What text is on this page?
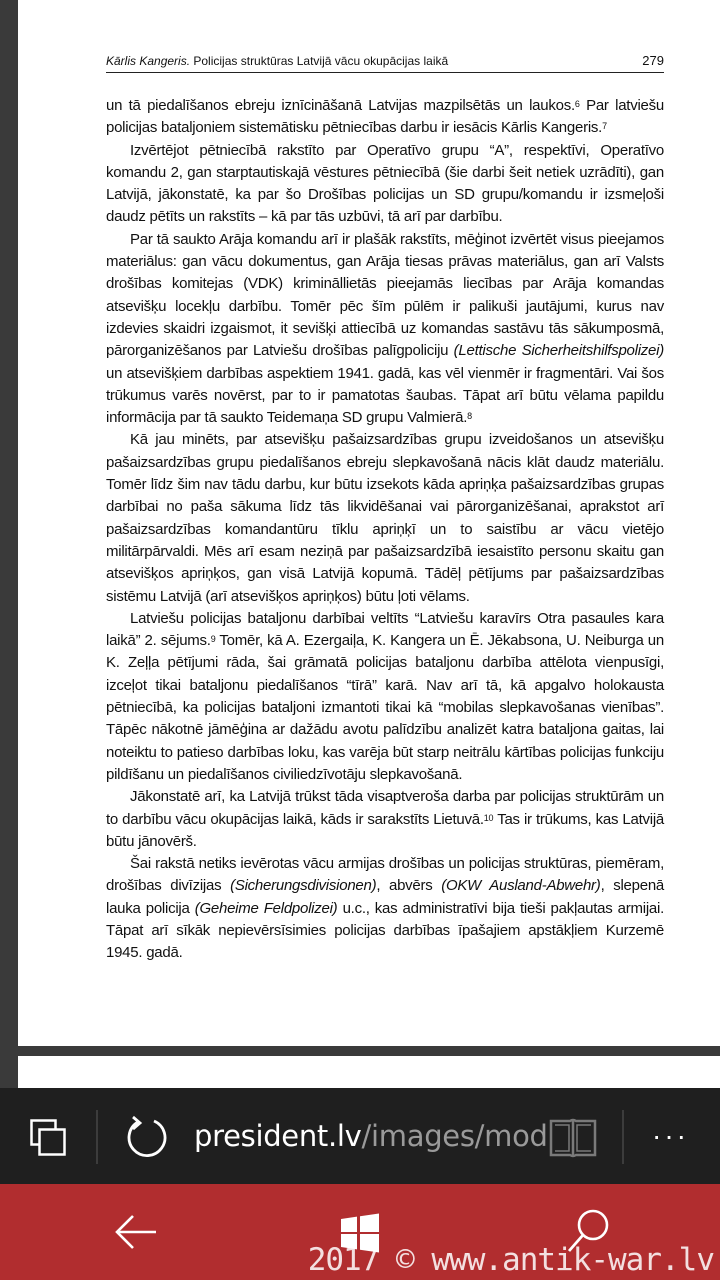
Kārlis Kangeris. Policijas struktūras Latvijā vācu okupācijas laikā	279

un tā piedalīšanos ebreju iznīcināšanā Latvijas mazpilsētās un laukos.$^6$ Par latviešu policijas bataljoniem sistemātisku pētniecības darbu ir iesācis Kārlis Kangeris.$^7$

Izvērtējot pētniecībā rakstīto par Operatīvo grupu “A”, respektīvi, Operatīvo komandu 2, gan starptautiskajā vēstures pētniecībā (šie darbi šeit netiek uzrādīti), gan Latvijā, jākonstatē, ka par šo Drošības policijas un SD grupu/komandu ir izsmeļoši daudz pētīts un rakstīts – kā par tās uzbūvi, tā arī par darbību.

Par tā saukto Arāja komandu arī ir plašāk rakstīts, mēģinot izvērtēt visus pieejamos materiālus: gan vācu dokumentus, gan Arāja tiesas prāvas materiālus, gan arī Valsts drošības komitejas (VDK) krimināllietās pieejamās liecības par Arāja komandas atsevišķu locekļu darbību. Tomēr pēc šīm pūlēm ir palikuši jautājumi, kurus nav izdevies skaidri izgaismot, it sevišķi attiecībā uz komandas sastāvu tās sākumposmā, pārorganizēšanos par Latviešu drošības palīgpoliciju (Lettische Sicherheitshilfspolizei) un atsevišķiem darbības aspektiem 1941. gadā, kas vēl vienmēr ir fragmentāri. Vai šos trūkumus varēs novērst, par to ir pamatotas šaubas. Tāpat arī būtu vēlama papildu informācija par tā saukto Teidemaņa SD grupu Valmierā.$^8$

Kā jau minēts, par atsevišķu pašaizsardzības grupu izveidošanos un atsevišķu pašaizsardzības grupu piedalīšanos ebreju slepkavošanā nācis klāt daudz materiālu. Tomēr līdz šim nav tādu darbu, kur būtu izsekots kāda apriņķa pašaizsardzības grupas darbībai no paša sākuma līdz tās likvidēšanai vai pārorganizēšanai, aprakstot arī pašaizsardzības komandantūru tīklu apriņķī un to saistību ar vācu vietējo militārpārvaldi. Mēs arī esam neziņā par pašaizsardzībā iesaistīto personu skaitu gan atsevišķos apriņķos, gan visā Latvijā kopumā. Tādēļ pētījums par pašaizsardzības sistēmu Latvijā (arī atsevišķos apriņķos) būtu ļoti vēlams.

Latviešu policijas bataljonu darbībai veltīts “Latviešu karavīrs Otra pasaules kara laikā” 2. sējums.$^9$ Tomēr, kā A. Ezergaiļa, K. Kangera un Ē. Jēkabsona, U. Neiburga un K. Zeļļa pētījumi rāda, šai grāmatā policijas bataljonu darbība attēlota vienpusīgi, izceļot tikai bataljonu piedalīšanos “tīrā” karā. Nav arī tā, kā apgalvo holokausta pētniecībā, ka policijas bataljoni izmantoti tikai kā “mobilas slepkavošanas vienības”. Tāpēc nākotnē jāmēģina ar dažādu avotu palīdzību analizēt katra bataljona gaitas, lai noteiktu to patieso darbības loku, kas varēja būt starp neitrālu kārtības policijas funkciju pildīšanu un piedalīšanos civiliedzīvotāju slepkavošanā.

Jākonstatē arī, ka Latvijā trūkst tāda visaptveroša darba par policijas struktūrām un to darbību vācu okupācijas laikā, kāds ir sarakstīts Lietuvā.$^{10}$ Tas ir trūkums, kas Latvijā būtu jānovērš.

Šai rakstā netiks ievērotas vācu armijas drošības un policijas struktūras, piemēram, drošības divīzijas (Sicherungsdivisionen), abvērs (OKW Ausland-Abwehr), slepenā lauka policija (Geheime Feldpolizei) u.c., kas administratīvi bija tieši pakļautas armijai. Tāpat arī sīkāk nepievērsīsimies policijas darbības īpašajiem apstākļiem Kurzemē 1945. gadā.

president.lv/images/mod	···
2017 © www.antik-war.lv
